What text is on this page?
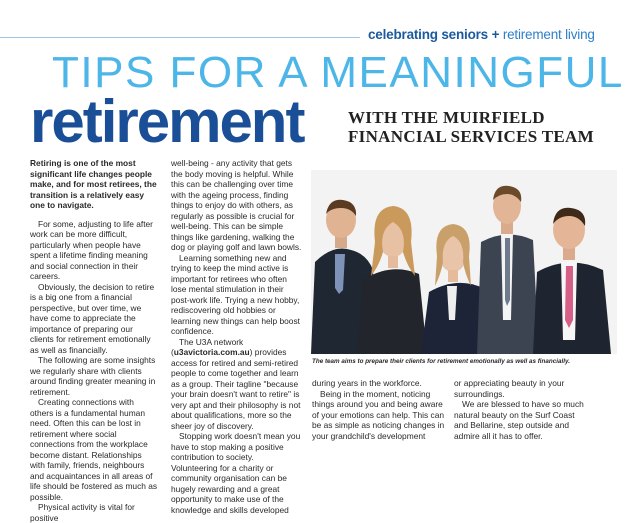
celebrating seniors + retirement living
TIPS FOR A MEANINGFUL
retirement	WITH THE MUIRFIELD
FINANCIAL SERVICES TEAM

Retiring is one of the most significant life changes people make, and for most retirees, the transition is a relatively easy one to navigate.

For some, adjusting to life after work can be more difficult, particularly when people have spent a lifetime finding meaning and social connection in their careers.

Obviously, the decision to retire is a big one from a financial perspective, but over time, we have come to appreciate the importance of preparing our clients for retirement emotionally as well as financially.

The following are some insights we regularly share with clients around finding greater meaning in retirement.

Creating connections with others is a fundamental human need. Often this can be lost in retirement where social connections from the workplace become distant. Relationships with family, friends, neighbours and acquaintances in all areas of life should be fostered as much as possible.

Physical activity is vital for positive

well-being - any activity that gets the body moving is helpful. While this can be challenging over time with the ageing process, finding things to enjoy do with others, as regularly as possible is crucial for well-being. This can be simple things like gardening, walking the dog or playing golf and lawn bowls.

Learning something new and trying to keep the mind active is important for retirees who often lose mental stimulation in their post-work life. Trying a new hobby, rediscovering old hobbies or learning new things can help boost confidence.

The U3A network (u3avictoria.com.au) provides access for retired and semi-retired people to come together and learn as a group. Their tagline "because your brain doesn't want to retire" is very apt and their philosophy is not about qualifications, more so the sheer joy of discovery.

Stopping work doesn't mean you have to stop making a positive contribution to society. Volunteering for a charity or community organisation can be hugely rewarding and a great opportunity to make use of the knowledge and skills developed

The team aims to prepare their clients for retirement emotionally as well as financially.

during years in the workforce.

Being in the moment, noticing things around you and being aware of your emotions can help. This can be as simple as noticing changes in your grandchild's development

or appreciating beauty in your surroundings.

We are blessed to have so much natural beauty on the Surf Coast and Bellarine, step outside and admire all it has to offer.
